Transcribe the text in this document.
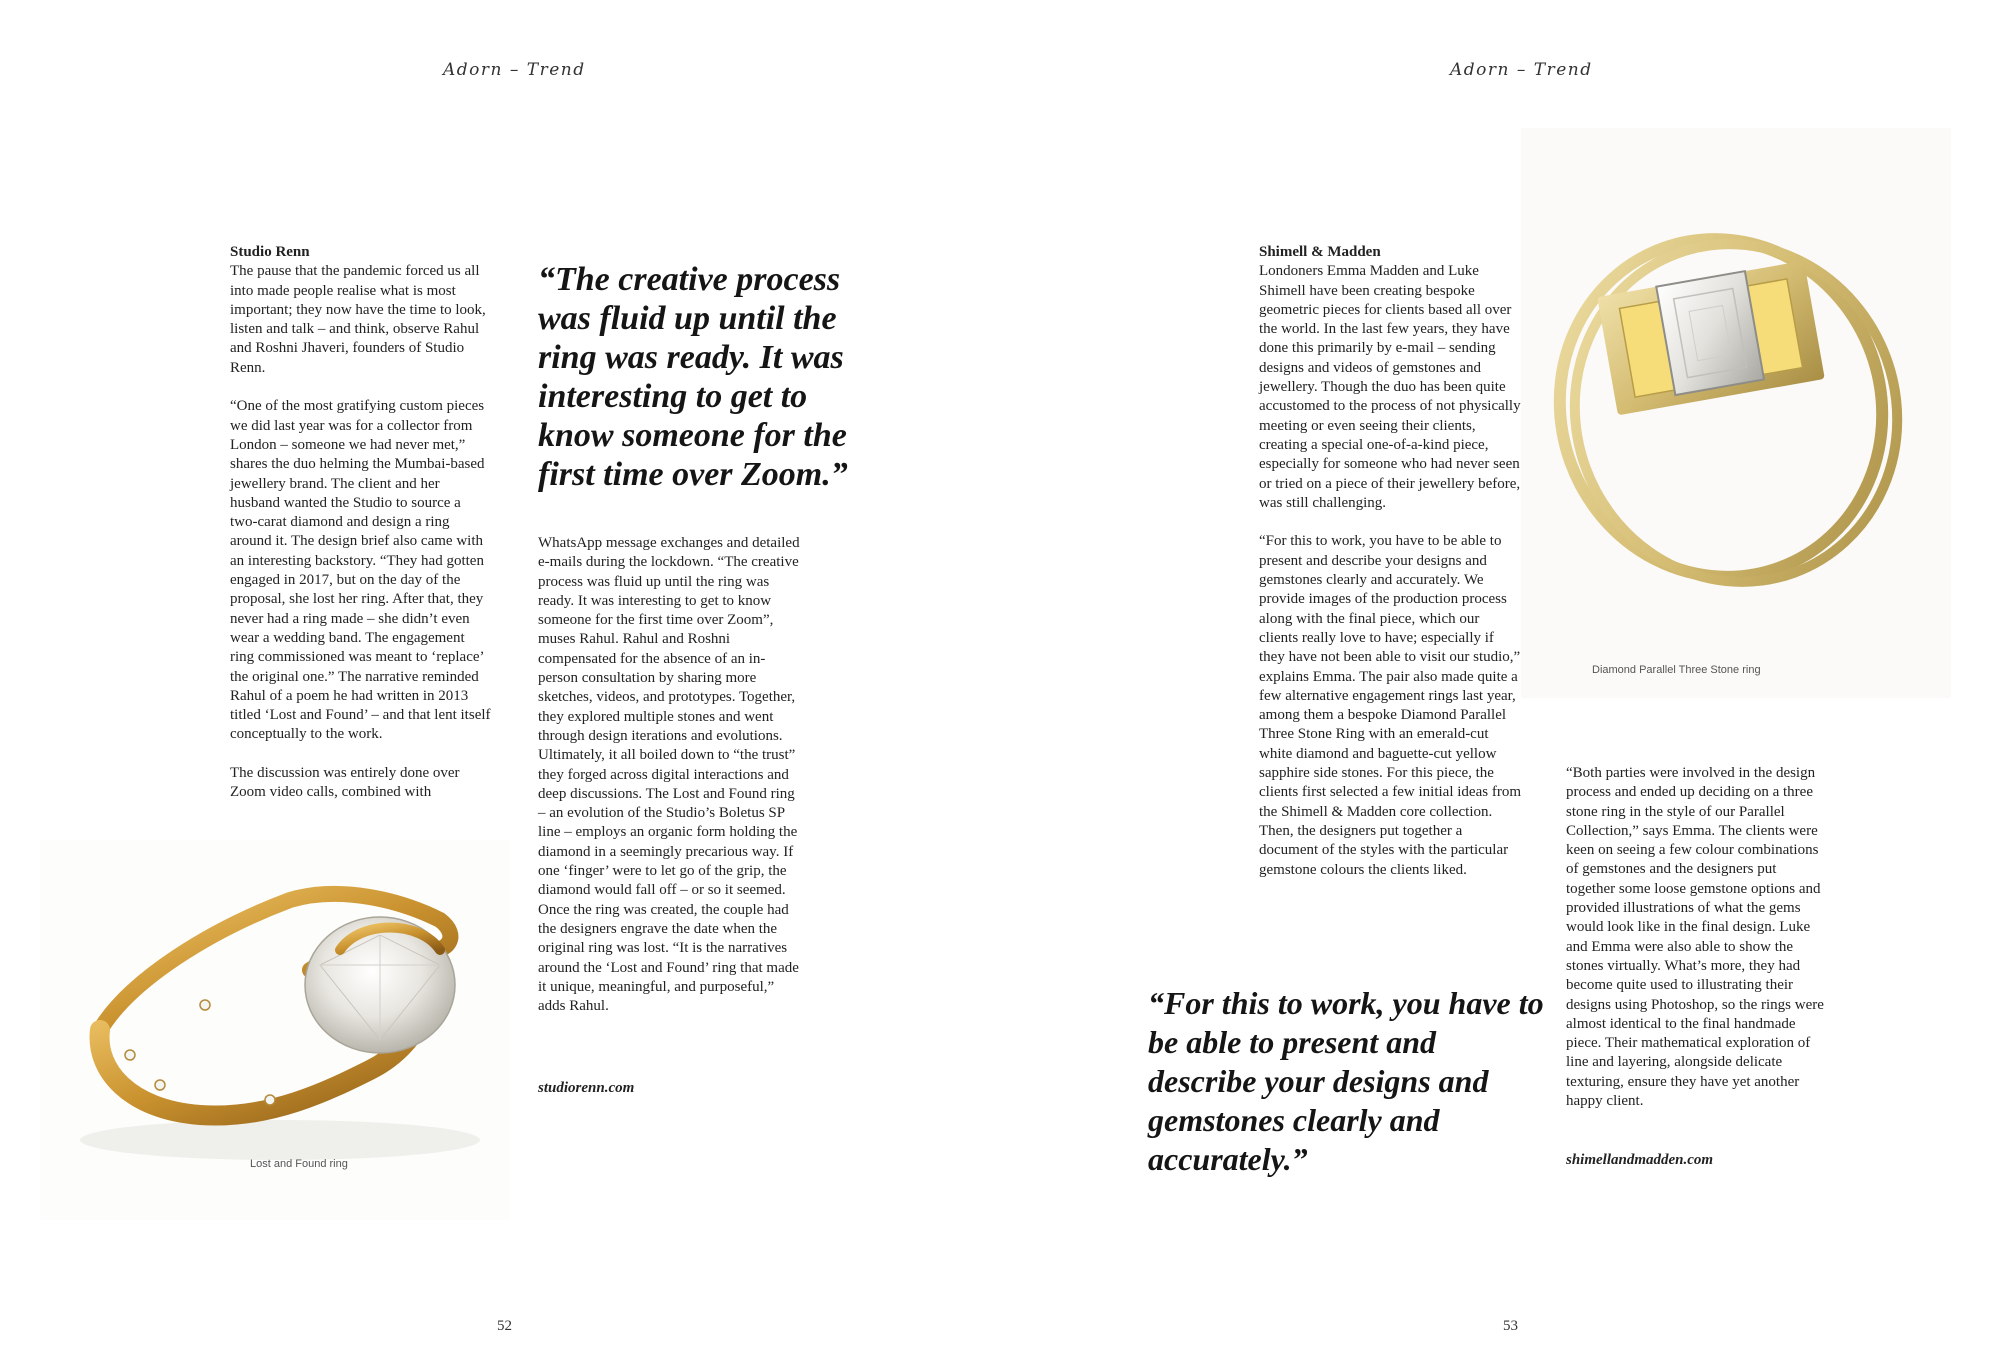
Adorn – Trend
Studio Renn

The pause that the pandemic forced us all into made people realise what is most important; they now have the time to look, listen and talk – and think, observe Rahul and Roshni Jhaveri, founders of Studio Renn.

“One of the most gratifying custom pieces we did last year was for a collector from London – someone we had never met,” shares the duo helming the Mumbai-based jewellery brand. The client and her husband wanted the Studio to source a two-carat diamond and design a ring around it. The design brief also came with an interesting backstory. “They had gotten engaged in 2017, but on the day of the proposal, she lost her ring. After that, they never had a ring made – she didn’t even wear a wedding band. The engagement ring commissioned was meant to ‘replace’ the original one.” The narrative reminded Rahul of a poem he had written in 2013 titled ‘Lost and Found’ – and that lent itself conceptually to the work.

The discussion was entirely done over Zoom video calls, combined with

“The creative process was fluid up until the ring was ready. It was interesting to get to know someone for the first time over Zoom.”

WhatsApp message exchanges and detailed e-mails during the lockdown. “The creative process was fluid up until the ring was ready. It was interesting to get to know someone for the first time over Zoom”, muses Rahul. Rahul and Roshni compensated for the absence of an in-person consultation by sharing more sketches, videos, and prototypes. Together, they explored multiple stones and went through design iterations and evolutions. Ultimately, it all boiled down to “the trust” they forged across digital interactions and deep discussions. The Lost and Found ring – an evolution of the Studio’s Boletus SP line – employs an organic form holding the diamond in a seemingly precarious way. If one ‘finger’ were to let go of the grip, the diamond would fall off – or so it seemed. Once the ring was created, the couple had the designers engrave the date when the original ring was lost. “It is the narratives around the ‘Lost and Found’ ring that made it unique, meaningful, and purposeful,” adds Rahul.

studiorenn.com
Lost and Found ring
52
Adorn – Trend
Shimell & Madden

Londoners Emma Madden and Luke Shimell have been creating bespoke geometric pieces for clients based all over the world. In the last few years, they have done this primarily by e-mail – sending designs and videos of gemstones and jewellery. Though the duo has been quite accustomed to the process of not physically meeting or even seeing their clients, creating a special one-of-a-kind piece, especially for someone who had never seen or tried on a piece of their jewellery before, was still challenging.

“For this to work, you have to be able to present and describe your designs and gemstones clearly and accurately. We provide images of the production process along with the final piece, which our clients really love to have; especially if they have not been able to visit our studio,” explains Emma. The pair also made quite a few alternative engagement rings last year, among them a bespoke Diamond Parallel Three Stone Ring with an emerald-cut white diamond and baguette-cut yellow sapphire side stones. For this piece, the clients first selected a few initial ideas from the Shimell & Madden core collection. Then, the designers put together a document of the styles with the particular gemstone colours the clients liked.

Diamond Parallel Three Stone ring
“For this to work, you have to be able to present and describe your designs and gemstones clearly and accurately.”

“Both parties were involved in the design process and ended up deciding on a three stone ring in the style of our Parallel Collection,” says Emma. The clients were keen on seeing a few colour combinations of gemstones and the designers put together some loose gemstone options and provided illustrations of what the gems would look like in the final design. Luke and Emma were also able to show the stones virtually. What’s more, they had become quite used to illustrating their designs using Photoshop, so the rings were almost identical to the final handmade piece. Their mathematical exploration of line and layering, alongside delicate texturing, ensure they have yet another happy client.

shimellandmadden.com
53
